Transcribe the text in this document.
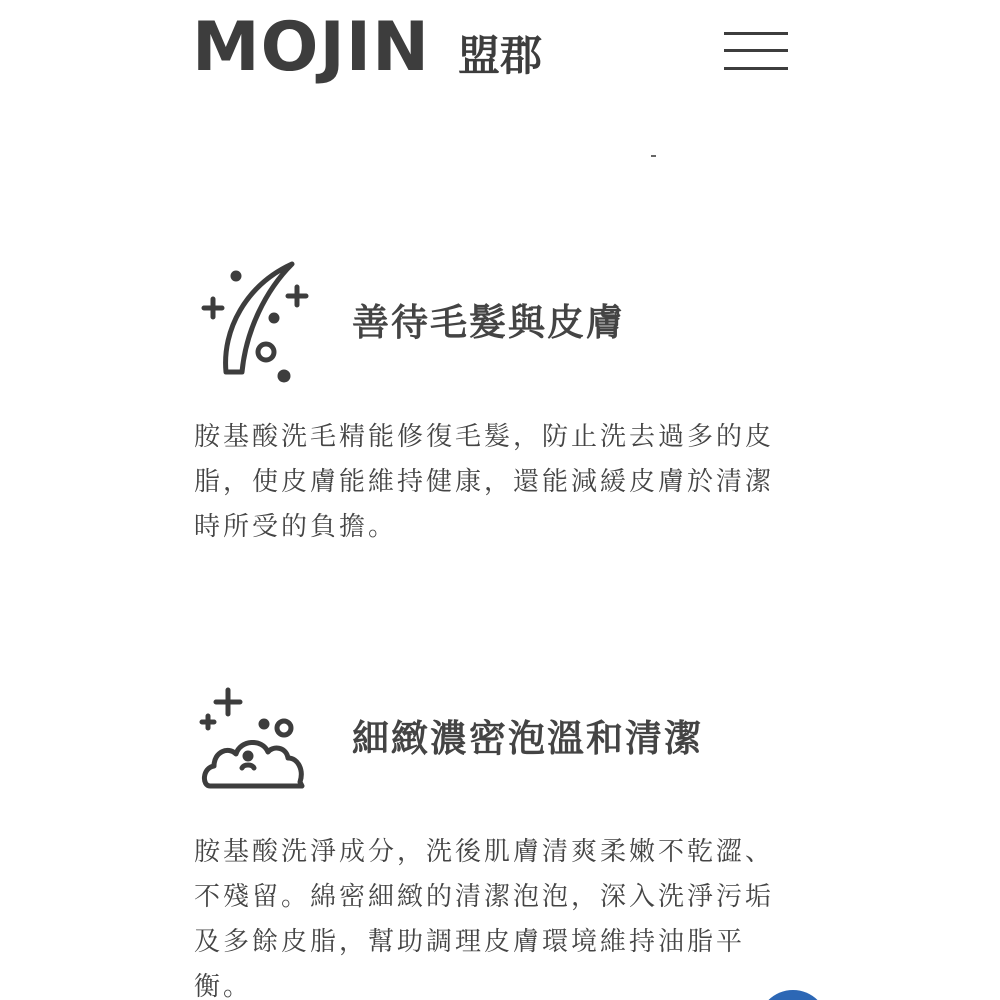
MOJIN 盟郡
善待毛髮與皮膚
胺基酸洗毛精能修復毛髮，防止洗去過多的皮脂，使皮膚能維持健康，還能減緩皮膚於清潔時所受的負擔。
細緻濃密泡溫和清潔
胺基酸洗淨成分，洗後肌膚清爽柔嫩不乾澀、不殘留。綿密細緻的清潔泡泡，深入洗淨污垢及多餘皮脂，幫助調理皮膚環境維持油脂平衡。
